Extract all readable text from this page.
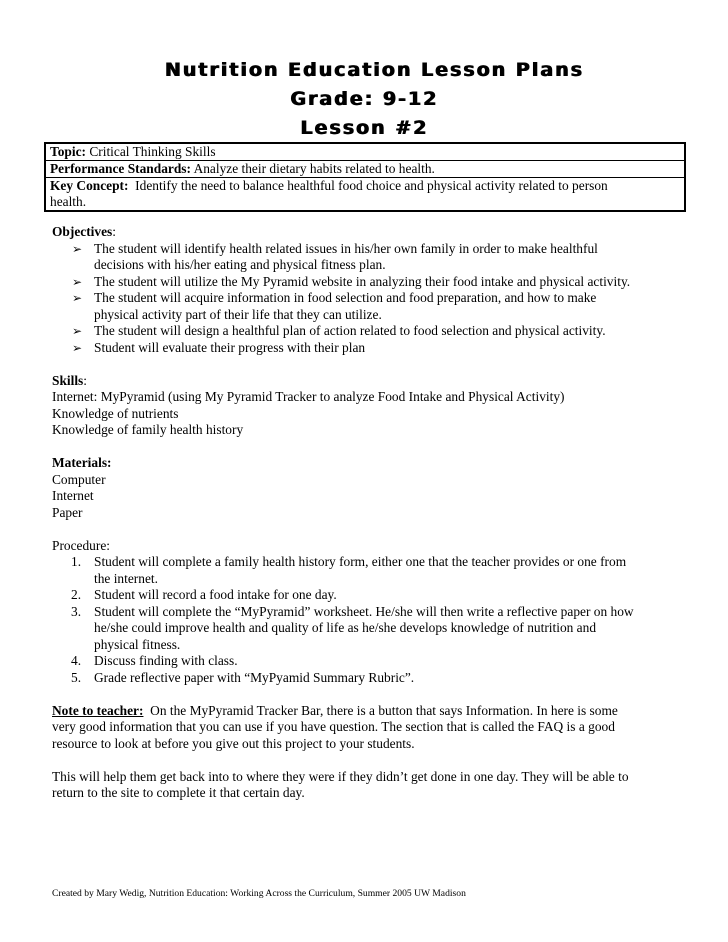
Nutrition Education Lesson Plans
Grade: 9-12
Lesson #2
Topic: Critical Thinking Skills
Performance Standards: Analyze their dietary habits related to health.
Key Concept: Identify the need to balance healthful food choice and physical activity related to person
health.
Objectives:
➢ The student will identify health related issues in his/her own family in order to make healthful
decisions with his/her eating and physical fitness plan.
➢ The student will utilize the My Pyramid website in analyzing their food intake and physical activity.
➢ The student will acquire information in food selection and food preparation, and how to make
physical activity part of their life that they can utilize.
➢ The student will design a healthful plan of action related to food selection and physical activity.
➢ Student will evaluate their progress with their plan
Skills:
Internet: MyPyramid (using My Pyramid Tracker to analyze Food Intake and Physical Activity)
Knowledge of nutrients
Knowledge of family health history
Materials:
Computer
Internet
Paper
Procedure:
1. Student will complete a family health history form, either one that the teacher provides or one from
the internet.
2. Student will record a food intake for one day.
3. Student will complete the “MyPyramid” worksheet. He/she will then write a reflective paper on how
he/she could improve health and quality of life as he/she develops knowledge of nutrition and
physical fitness.
4. Discuss finding with class.
5. Grade reflective paper with “MyPyamid Summary Rubric”.
Note to teacher: On the MyPyramid Tracker Bar, there is a button that says Information. In here is some
very good information that you can use if you have question. The section that is called the FAQ is a good
resource to look at before you give out this project to your students.
This will help them get back into to where they were if they didn’t get done in one day. They will be able to
return to the site to complete it that certain day.
Created by Mary Wedig, Nutrition Education: Working Across the Curriculum, Summer 2005 UW Madison
